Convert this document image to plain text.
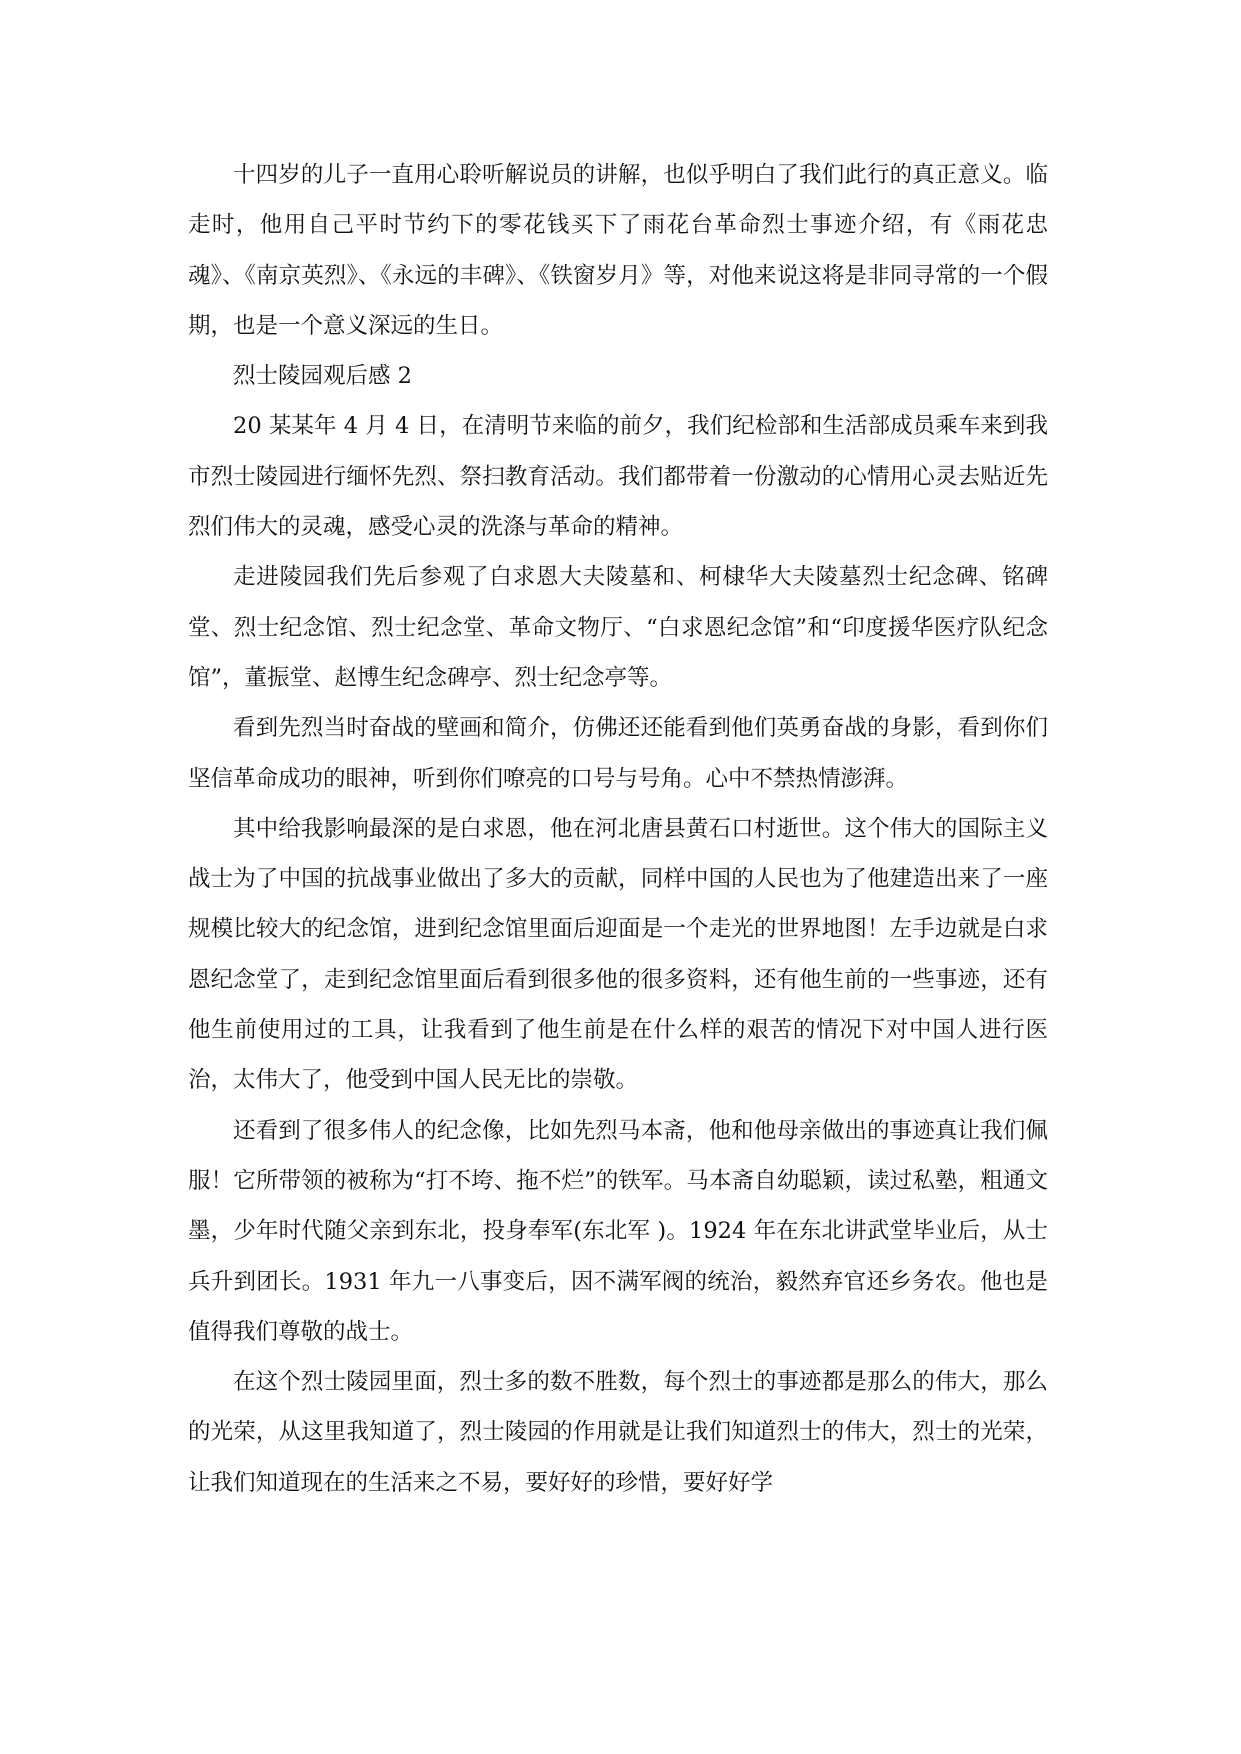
十四岁的儿子一直用心聆听解说员的讲解，也似乎明白了我们此行的真正意义。临走时，他用自己平时节约下的零花钱买下了雨花台革命烈士事迹介绍，有《雨花忠魂》、《南京英烈》、《永远的丰碑》、《铁窗岁月》等，对他来说这将是非同寻常的一个假期，也是一个意义深远的生日。

烈士陵园观后感 2

20 某某年 4 月 4 日，在清明节来临的前夕，我们纪检部和生活部成员乘车来到我市烈士陵园进行缅怀先烈、祭扫教育活动。我们都带着一份激动的心情用心灵去贴近先烈们伟大的灵魂，感受心灵的洗涤与革命的精神。

走进陵园我们先后参观了白求恩大夫陵墓和、柯棣华大夫陵墓烈士纪念碑、铭碑堂、烈士纪念馆、烈士纪念堂、革命文物厅、“白求恩纪念馆”和“印度援华医疗队纪念馆”，董振堂、赵博生纪念碑亭、烈士纪念亭等。

看到先烈当时奋战的壁画和简介，仿佛还还能看到他们英勇奋战的身影，看到你们坚信革命成功的眼神，听到你们嘹亮的口号与号角。心中不禁热情澎湃。

其中给我影响最深的是白求恩，他在河北唐县黄石口村逝世。这个伟大的国际主义战士为了中国的抗战事业做出了多大的贡献，同样中国的人民也为了他建造出来了一座规模比较大的纪念馆，进到纪念馆里面后迎面是一个走光的世界地图！左手边就是白求恩纪念堂了，走到纪念馆里面后看到很多他的很多资料，还有他生前的一些事迹，还有他生前使用过的工具，让我看到了他生前是在什么样的艰苦的情况下对中国人进行医治，太伟大了，他受到中国人民无比的崇敬。

还看到了很多伟人的纪念像，比如先烈马本斋，他和他母亲做出的事迹真让我们佩服！它所带领的被称为“打不垮、拖不烂”的铁军。马本斋自幼聪颖，读过私塾，粗通文墨，少年时代随父亲到东北，投身奉军(东北军 )。1924 年在东北讲武堂毕业后，从士兵升到团长。1931 年九一八事变后，因不满军阀的统治，毅然弃官还乡务农。他也是值得我们尊敬的战士。

在这个烈士陵园里面，烈士多的数不胜数，每个烈士的事迹都是那么的伟大，那么的光荣，从这里我知道了，烈士陵园的作用就是让我们知道烈士的伟大，烈士的光荣，让我们知道现在的生活来之不易，要好好的珍惜，要好好学
